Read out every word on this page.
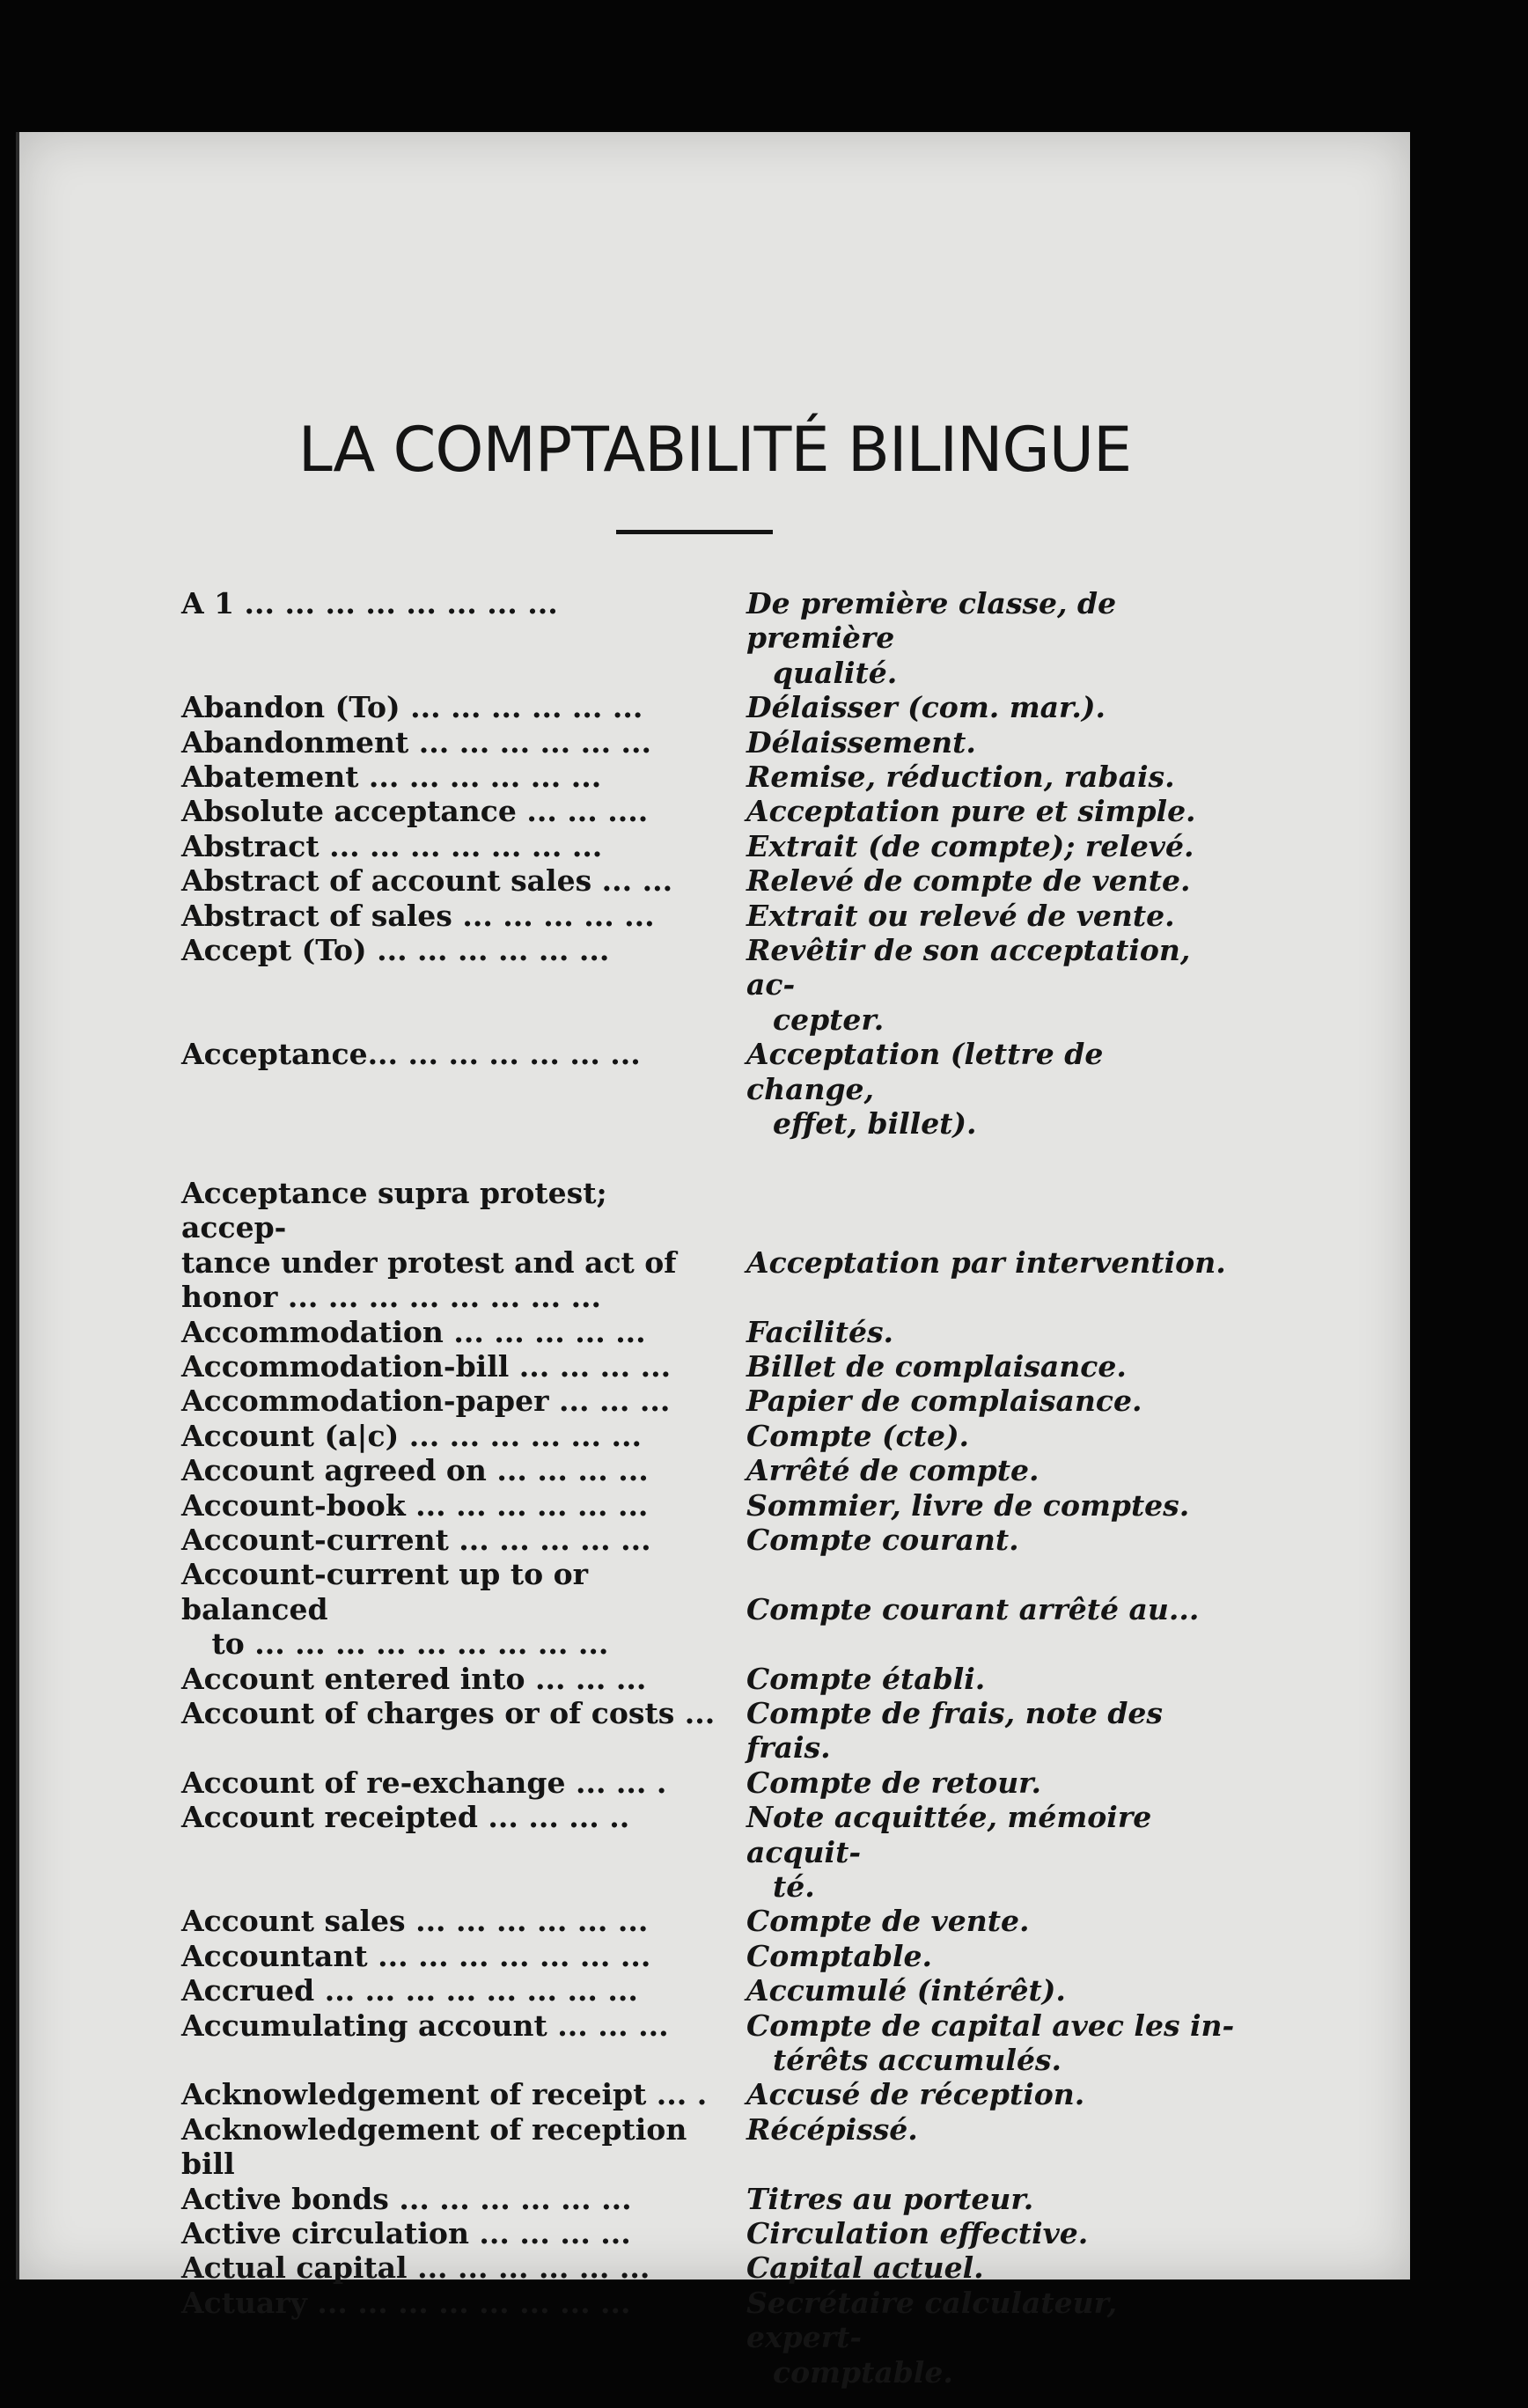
LA COMPTABILITÉ BILINGUE
A 1 ... ... ... ... ... ... ... ...	De première classe, de première
qualité.
Abandon (To) ... ... ... ... ... ...	Délaisser (com. mar.).
Abandonment ... ... ... ... ... ...	Délaissement.
Abatement ... ... ... ... ... ...	Remise, réduction, rabais.
Absolute acceptance ... ... ....	Acceptation pure et simple.
Abstract ... ... ... ... ... ... ...	Extrait (de compte); relevé.
Abstract of account sales ... ...	Relevé de compte de vente.
Abstract of sales ... ... ... ... ...	Extrait ou relevé de vente.
Accept (To) ... ... ... ... ... ...	Revêtir de son acceptation, ac-
cepter.
Acceptance... ... ... ... ... ... ...	Acceptation (lettre de change,
effet, billet).
Acceptance supra protest; accep-
tance under protest and act of
honor ... ... ... ... ... ... ... ...
Acceptation par intervention.
Accommodation ... ... ... ... ...	Facilités.
Accommodation-bill ... ... ... ...	Billet de complaisance.
Accommodation-paper ... ... ...	Papier de complaisance.
Account (a|c) ... ... ... ... ... ...	Compte (cte).
Account agreed on ... ... ... ...	Arrêté de compte.
Account-book ... ... ... ... ... ...	Sommier, livre de comptes.
Account-current ... ... ... ... ...	Compte courant.
Account-current up to or balanced
to ... ... ... ... ... ... ... ... ...
Compte courant arrêté au...
Account entered into ... ... ...	Compte établi.
Account of charges or of costs ... Compte de frais, note des frais.
Account of re-exchange ... ... .	Compte de retour.
Account receipted ... ... ... ..	Note acquittée, mémoire acquit-
té.
Account sales ... ... ... ... ... ...	Compte de vente.
Accountant ... ... ... ... ... ... ...	Comptable.
Accrued ... ... ... ... ... ... ... ...	Accumulé (intérêt).
Accumulating account ... ... ...	Compte de capital avec les in-
térêts accumulés.
Acknowledgement of receipt ... .	Accusé de réception.
Acknowledgement of reception bill
Récépissé.
Active bonds ... ... ... ... ... ...	Titres au porteur.
Active circulation ... ... ... ...	Circulation effective.
Actual capital ... ... ... ... ... ...	Capital actuel.
Actuary ... ... ... ... ... ... ... ...	Secrétaire calculateur, expert-
comptable.
